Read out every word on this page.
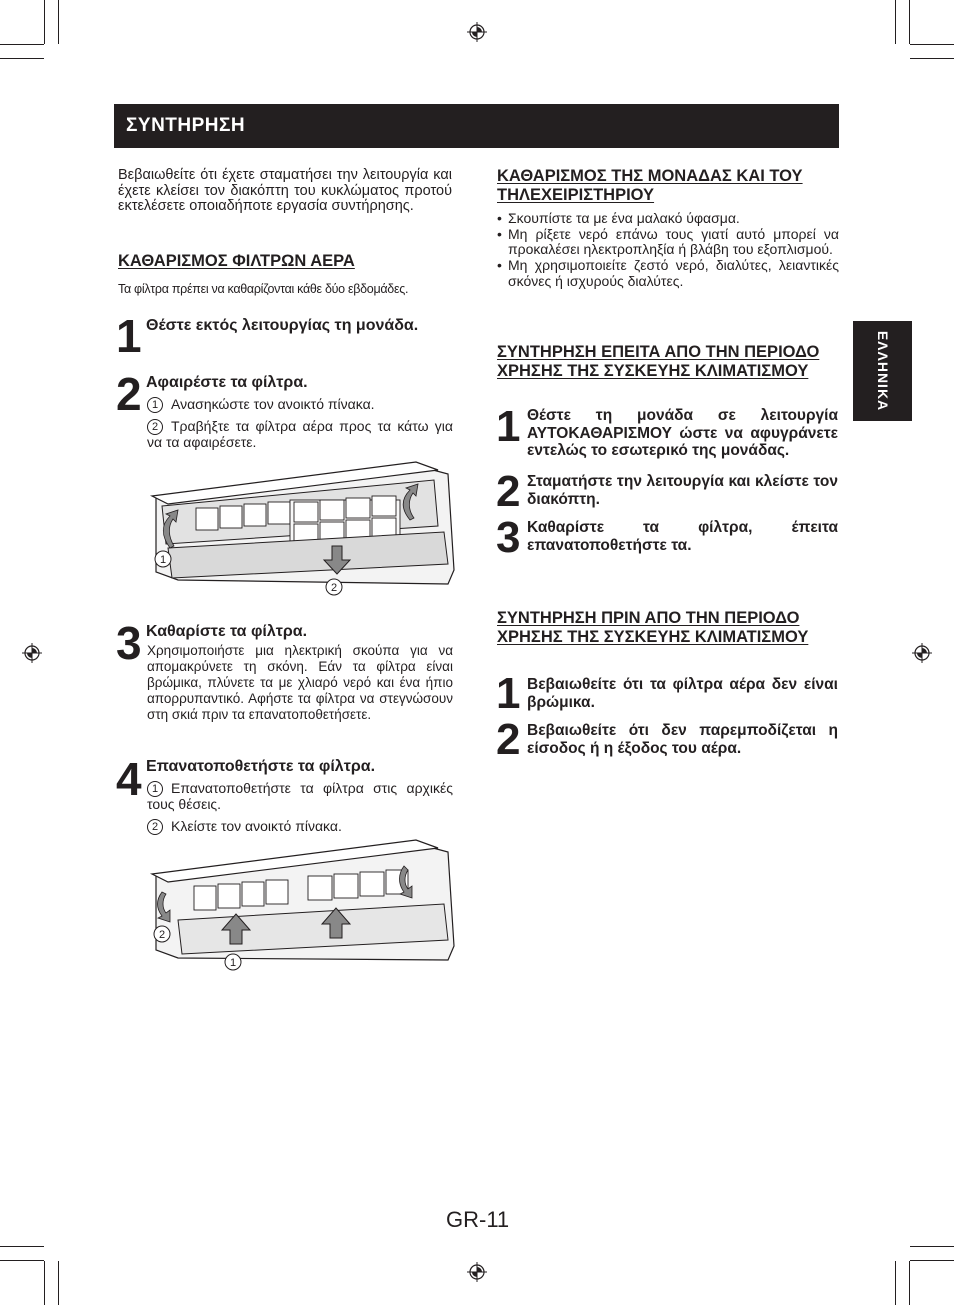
ΣΥΝΤΗΡΗΣΗ
ΕΛΛΗΝΙΚΑ
Βεβαιωθείτε ότι έχετε σταματήσει την λειτουργία και έχετε κλείσει τον διακόπτη του κυκλώματος προτού εκτελέσετε οποιαδήποτε εργασία συντήρησης.
ΚΑΘΑΡΙΣΜΟΣ ΦΙΛΤΡΩΝ ΑΕΡΑ
Τα φίλτρα πρέπει να καθαρίζονται κάθε δύο εβδομάδες.
1 Θέστε εκτός λειτουργίας τη μονάδα.
2 Αφαιρέστε τα φίλτρα.
1 Ανασηκώστε τον ανοικτό πίνακα.
2 Τραβήξτε τα φίλτρα αέρα προς τα κάτω για να τα αφαιρέσετε.
1
2
3 Καθαρίστε τα φίλτρα.
Χρησιμοποιήστε μια ηλεκτρική σκούπα για να απομακρύνετε τη σκόνη. Εάν τα φίλτρα είναι βρώμικα, πλύνετε τα με χλιαρό νερό και ένα ήπιο απορρυπαντικό. Αφήστε τα φίλτρα να στεγνώσουν στη σκιά πριν τα επανατοποθετήσετε.
4 Επανατοποθετήστε τα φίλτρα.
1 Επανατοποθετήστε τα φίλτρα στις αρχικές τους θέσεις.
2 Κλείστε τον ανοικτό πίνακα.
2
1
ΚΑΘΑΡΙΣΜΟΣ ΤΗΣ ΜΟΝΑΔΑΣ ΚΑΙ ΤΟΥ ΤΗΛΕΧΕΙΡΙΣΤΗΡΙΟΥ
• Σκουπίστε τα με ένα μαλακό ύφασμα.
• Μη ρίξετε νερό επάνω τους γιατί αυτό μπορεί να προκαλέσει ηλεκτροπληξία ή βλάβη του εξοπλισμού.
• Μη χρησιμοποιείτε ζεστό νερό, διαλύτες, λειαντικές σκόνες ή ισχυρούς διαλύτες.
ΣΥΝΤΗΡΗΣΗ ΕΠΕΙΤΑ ΑΠΟ ΤΗΝ ΠΕΡΙΟΔΟ ΧΡΗΣΗΣ ΤΗΣ ΣΥΣΚΕΥΗΣ ΚΛΙΜΑΤΙΣΜΟΥ
1 Θέστε τη μονάδα σε λειτουργία ΑΥΤΟΚΑΘΑΡΙΣΜΟΥ ώστε να αφυγράνετε εντελώς το εσωτερικό της μονάδας.
2 Σταματήστε την λειτουργία και κλείστε τον διακόπτη.
3 Καθαρίστε τα φίλτρα, έπειτα επανατοποθετήστε τα.
ΣΥΝΤΗΡΗΣΗ ΠΡΙΝ ΑΠΟ ΤΗΝ ΠΕΡΙΟΔΟ ΧΡΗΣΗΣ ΤΗΣ ΣΥΣΚΕΥΗΣ ΚΛΙΜΑΤΙΣΜΟΥ
1 Βεβαιωθείτε ότι τα φίλτρα αέρα δεν είναι βρώμικα.
2 Βεβαιωθείτε ότι δεν παρεμποδίζεται η είσοδος ή η έξοδος του αέρα.
GR-11
